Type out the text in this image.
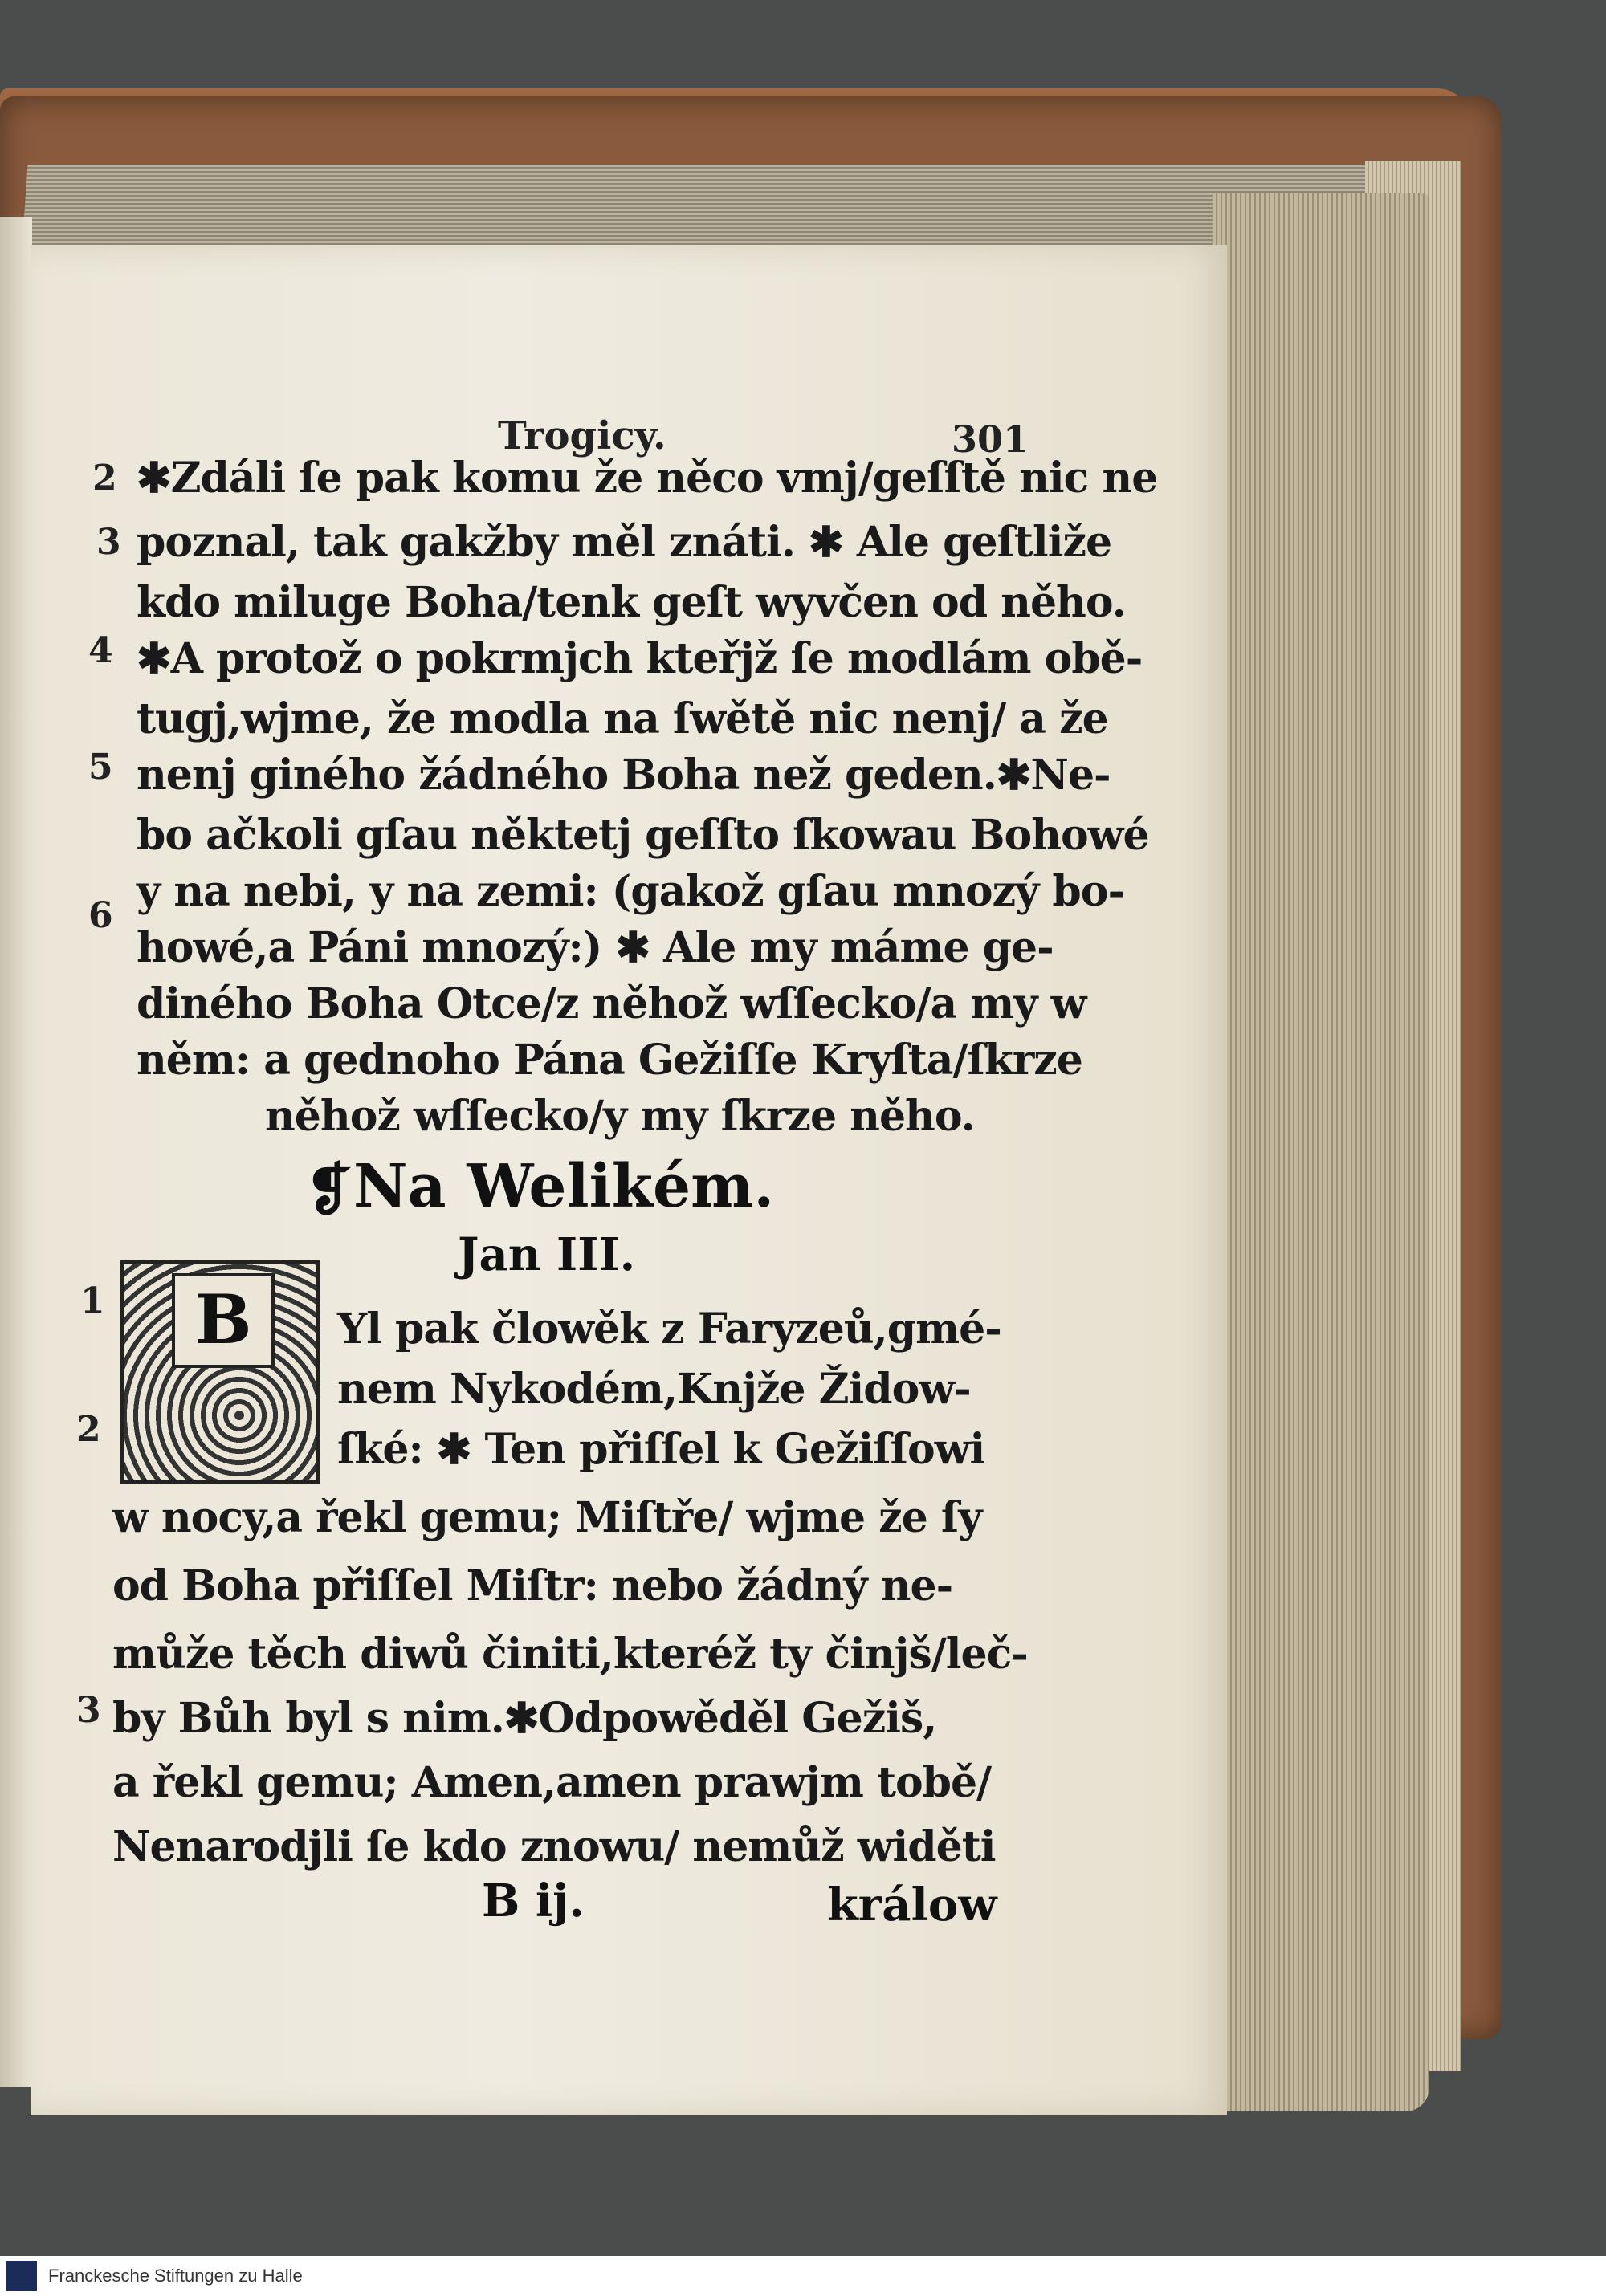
Trogicy.	301
2 ✱Zdáli ſe pak komu že něco vmj/geſſtě nic ne
3 poznal, tak gakžby měl znáti. ✱ Ale geſtliže
kdo miluge Boha/tenk geſt wyvčen od něho.
4 ✱A protož o pokrmjch kteřjž ſe modlám obě-
tugj,wjme, že modla na ſwětě nic nenj/ a že
5 nenj giného žádného Boha než geden.✱Ne-
bo ačkoli gſau něktetj geſſto ſkowau Bohowé
y na nebi, y na zemi: (gakož gſau mnozý bo-
6
howé,a Páni mnozý:) ✱ Ale my máme ge-
diného Boha Otce/z něhož wſſecko/a my w
něm: a gednoho Pána Gežiſſe Kryſta/ſkrze
něhož wſſecko/y my ſkrze něho.
❡ Na Welikém.
Jan III.
B
1
Yl pak člowěk z Faryzeů,gmé-
nem Nykodém,Knjže Židow-
2	ſké: ✱ Ten přiſſel k Gežiſſowi
w nocy,a řekl gemu; Miſtře/ wjme že ſy
od Boha přiſſel Miſtr: nebo žádný ne-
může těch diwů činiti,kteréž ty činjš/leč-
3 by Bůh byl s nim.✱Odpowěděl Gežiš,
a řekl gemu; Amen,amen prawjm tobě/
Nenarodjli ſe kdo znowu/ nemůž widěti
B ij.	králow
Franckesche Stiftungen zu Halle
